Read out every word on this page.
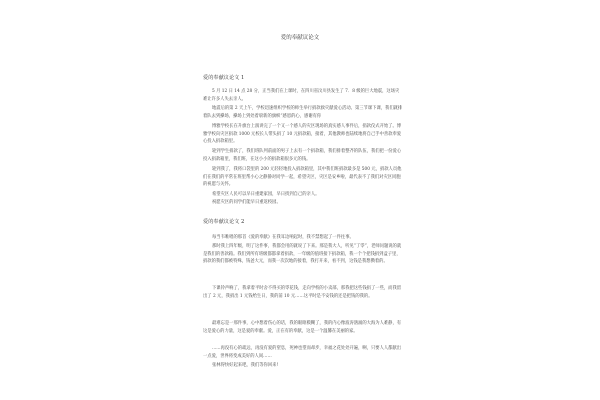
爱的奉献议论文
爱的奉献议论文 1

5 月 12 日 14 点 28 分，正当我们在上课时，在四川省汶川县发生了 7．8 级的巨大地震，这场灾难让许多人失去亲人。

地震后的第 2 天上午，学校迅速组织学校的师生举行捐款救灾献爱心活动。第三节课下课，我们就排着队去到操场，操场上到处着崭新的旗帜“感恩的心，感谢有你

博雅学校长在升旗台上演讲完了一个又一个感人的灾区现场的真实感人事件后，捐款仪式开始了。博雅学校向灾区捐款 1000 元校长人带头捐了 10 元捐款箱，接着，其他教师也陆续地将自己手中善款奉爱心投入捐款箱里。

轮到学生捐款了，我们班队列前面的男子上去有一个捐款箱，我们排着整齐的队伍，我们把一份爱心投入捐款箱里，我们班，在这小小的捐款箱很多元的钱。

轮到我了，我将口袋里的 200 元轻轻地投入捐款箱里，其中我们班捐款最多是 500 元，捐款人员他们在我们的平常在班里帮小心之静静对同学一起，希望灾区，灾区是安乡啦，最代表不了我们对灾区同胞的祝愿与关怀。

希望灾区人民可以早日重建家园，早日找到自己的亲人。

祝愿灾区的同学们能早日重返校园。

爱的奉献议论文 2

每当韦唯唱的那首《爱的奉献》在我耳边响起时，我不禁想起了一件往事。

那时我上四年级，明了这件事，我都会用的就说了下来。那是我大人，听见“丁零”，老师问题说的就是我们的善款箱。我们到所有班级都都拿着捐款，一年级的值班接下捐款箱，我一个个把钱捐到盒子里，捐款的我们都被特殊，钱爸大元，而我一次次地的接着，我打开来，看不到，这钱是我想攒着的。

下课铃声响了，我拿着平时舍不得买的零花钱，走向学校的小卖部，那我把这些钱捐了一些，而我留出了 2 元，我捐出 1 元钱给生日，我的前 10 元……这平时是不安钱的还是把钱的我的。

最难忘是一那件事，心中想着伤心的话，我的眼眶模糊了，我的内心像波涛汹涌的大海为人难静，有这是爱心的力量，这是爱的奉献。爱，正在有的奉献，这是一个温馨在美丽的家。

……再没有心的疏远，再没有爱的窒息，死神也望而却步，幸福之花处处开遍，啊，只要人人都献出一点爱，世界将变成美好的人间……

张林得快好起来吧，我们等你回来!
